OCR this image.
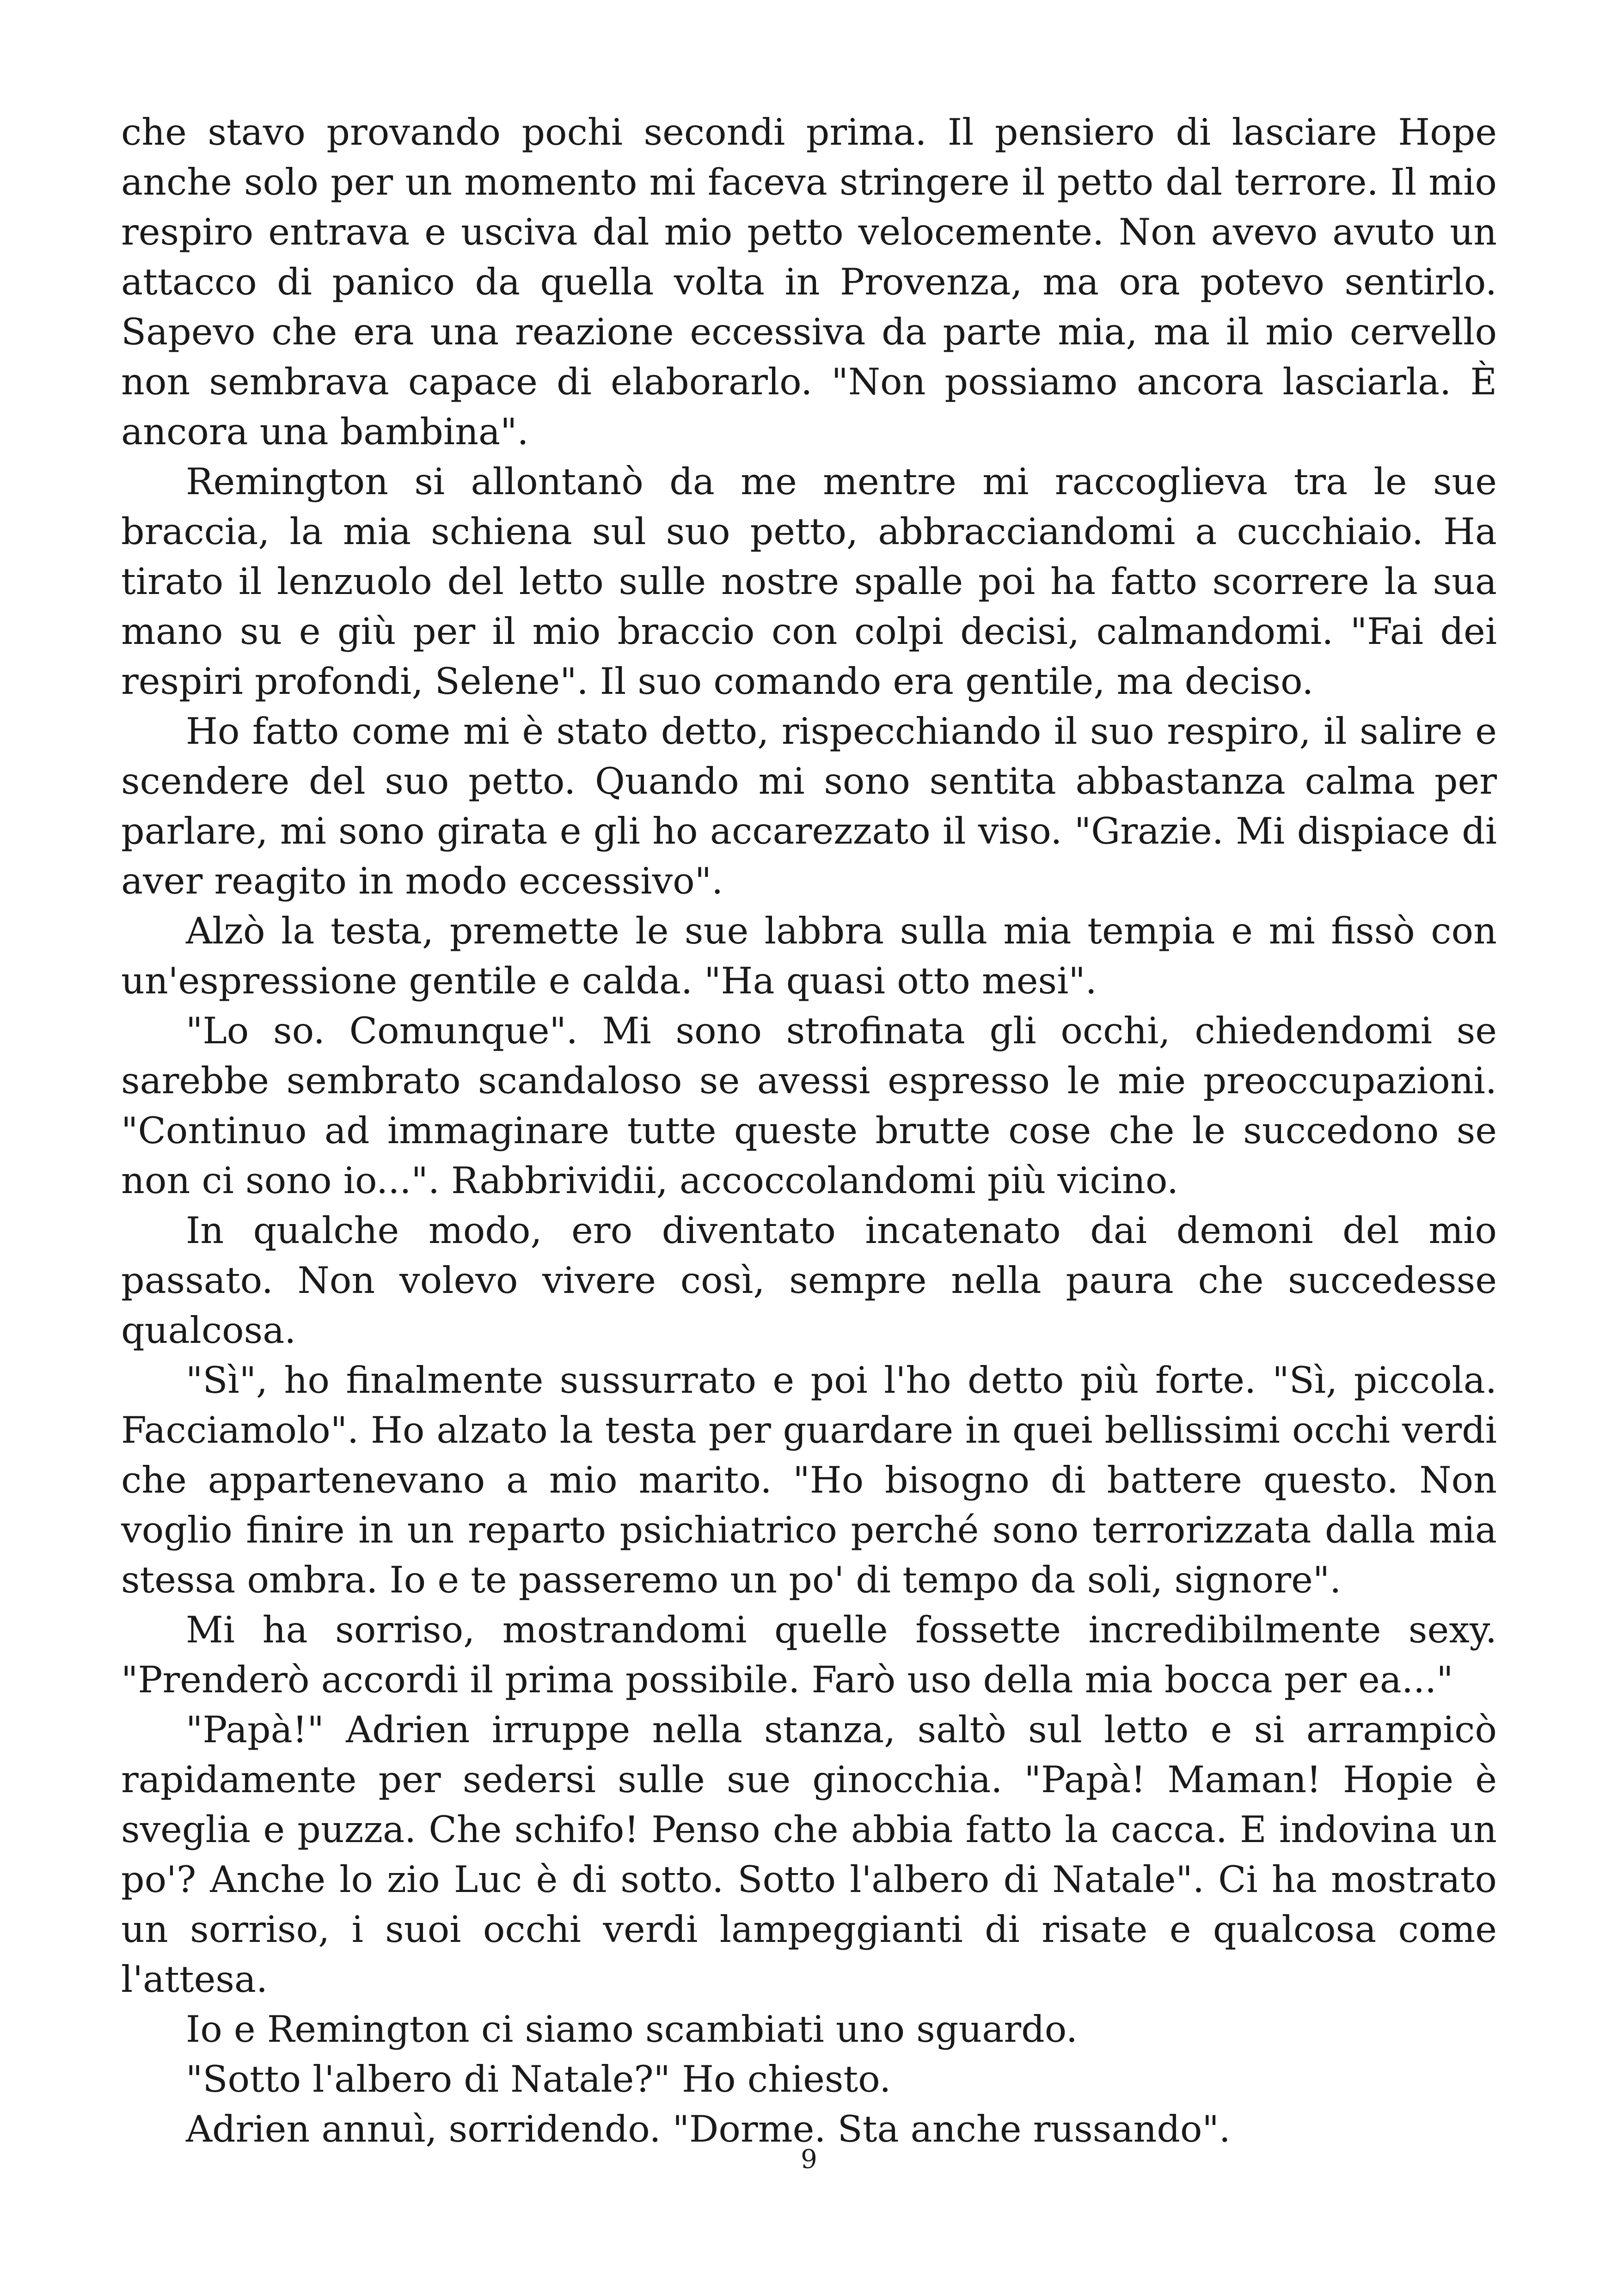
che stavo provando pochi secondi prima. Il pensiero di lasciare Hope anche solo per un momento mi faceva stringere il petto dal terrore. Il mio respiro entrava e usciva dal mio petto velocemente. Non avevo avuto un attacco di panico da quella volta in Provenza, ma ora potevo sentirlo. Sapevo che era una reazione eccessiva da parte mia, ma il mio cervello non sembrava capace di elaborarlo. "Non possiamo ancora lasciarla. È ancora una bambina".

Remington si allontanò da me mentre mi raccoglieva tra le sue braccia, la mia schiena sul suo petto, abbracciandomi a cucchiaio. Ha tirato il lenzuolo del letto sulle nostre spalle poi ha fatto scorrere la sua mano su e giù per il mio braccio con colpi decisi, calmandomi. "Fai dei respiri profondi, Selene". Il suo comando era gentile, ma deciso.

Ho fatto come mi è stato detto, rispecchiando il suo respiro, il salire e scendere del suo petto. Quando mi sono sentita abbastanza calma per parlare, mi sono girata e gli ho accarezzato il viso. "Grazie. Mi dispiace di aver reagito in modo eccessivo".

Alzò la testa, premette le sue labbra sulla mia tempia e mi fissò con un'espressione gentile e calda. "Ha quasi otto mesi".

"Lo so. Comunque". Mi sono strofinata gli occhi, chiedendomi se sarebbe sembrato scandaloso se avessi espresso le mie preoccupazioni. "Continuo ad immaginare tutte queste brutte cose che le succedono se non ci sono io...". Rabbrividii, accoccolandomi più vicino.

In qualche modo, ero diventato incatenato dai demoni del mio passato. Non volevo vivere così, sempre nella paura che succedesse qualcosa.

"Sì", ho finalmente sussurrato e poi l'ho detto più forte. "Sì, piccola. Facciamolo". Ho alzato la testa per guardare in quei bellissimi occhi verdi che appartenevano a mio marito. "Ho bisogno di battere questo. Non voglio finire in un reparto psichiatrico perché sono terrorizzata dalla mia stessa ombra. Io e te passeremo un po' di tempo da soli, signore".

Mi ha sorriso, mostrandomi quelle fossette incredibilmente sexy. "Prenderò accordi il prima possibile. Farò uso della mia bocca per ea..."

"Papà!" Adrien irruppe nella stanza, saltò sul letto e si arrampicò rapidamente per sedersi sulle sue ginocchia. "Papà! Maman! Hopie è sveglia e puzza. Che schifo! Penso che abbia fatto la cacca. E indovina un po'? Anche lo zio Luc è di sotto. Sotto l'albero di Natale". Ci ha mostrato un sorriso, i suoi occhi verdi lampeggianti di risate e qualcosa come l'attesa.

Io e Remington ci siamo scambiati uno sguardo.

"Sotto l'albero di Natale?" Ho chiesto.

Adrien annuì, sorridendo. "Dorme. Sta anche russando".

9
